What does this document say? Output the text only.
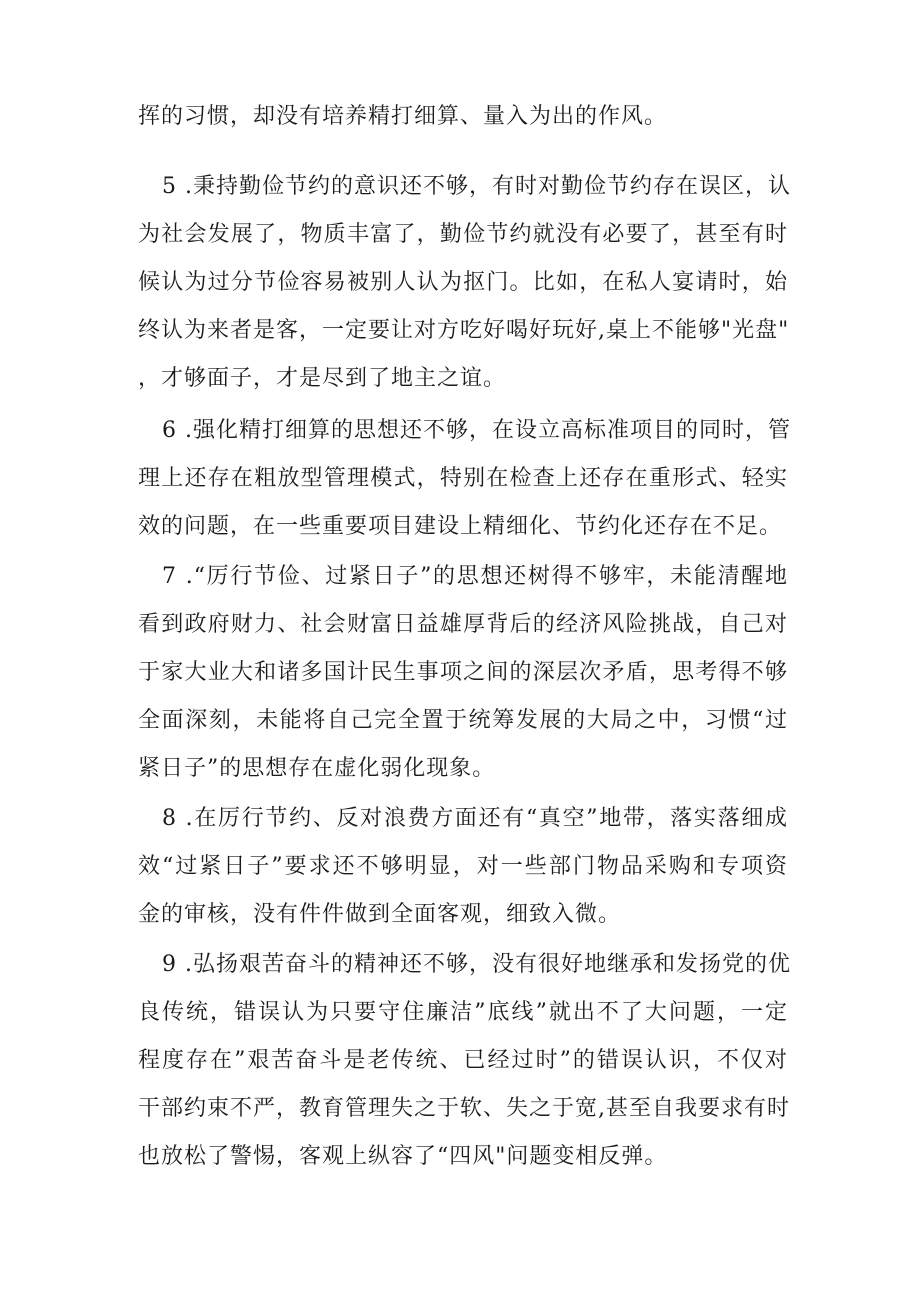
挥的习惯，却没有培养精打细算、量入为出的作风。

5 .秉持勤俭节约的意识还不够，有时对勤俭节约存在误区，认

为社会发展了，物质丰富了，勤俭节约就没有必要了，甚至有时

候认为过分节俭容易被别人认为抠门。比如，在私人宴请时，始

终认为来者是客，一定要让对方吃好喝好玩好,桌上不能够"光盘"

，才够面子，才是尽到了地主之谊。

6 .强化精打细算的思想还不够，在设立高标准项目的同时，管

理上还存在粗放型管理模式，特别在检查上还存在重形式、轻实

效的问题，在一些重要项目建设上精细化、节约化还存在不足。

7 .“厉行节俭、过紧日子”的思想还树得不够牢，未能清醒地

看到政府财力、社会财富日益雄厚背后的经济风险挑战，自己对

于家大业大和诸多国计民生事项之间的深层次矛盾，思考得不够

全面深刻，未能将自己完全置于统筹发展的大局之中，习惯“过

紧日子”的思想存在虚化弱化现象。

8 .在厉行节约、反对浪费方面还有“真空”地带，落实落细成

效“过紧日子”要求还不够明显，对一些部门物品采购和专项资

金的审核，没有件件做到全面客观，细致入微。

9 .弘扬艰苦奋斗的精神还不够，没有很好地继承和发扬党的优

良传统，错误认为只要守住廉洁”底线”就出不了大问题，一定

程度存在”艰苦奋斗是老传统、已经过时”的错误认识，不仅对

干部约束不严，教育管理失之于软、失之于宽,甚至自我要求有时

也放松了警惕，客观上纵容了“四风"问题变相反弹。
